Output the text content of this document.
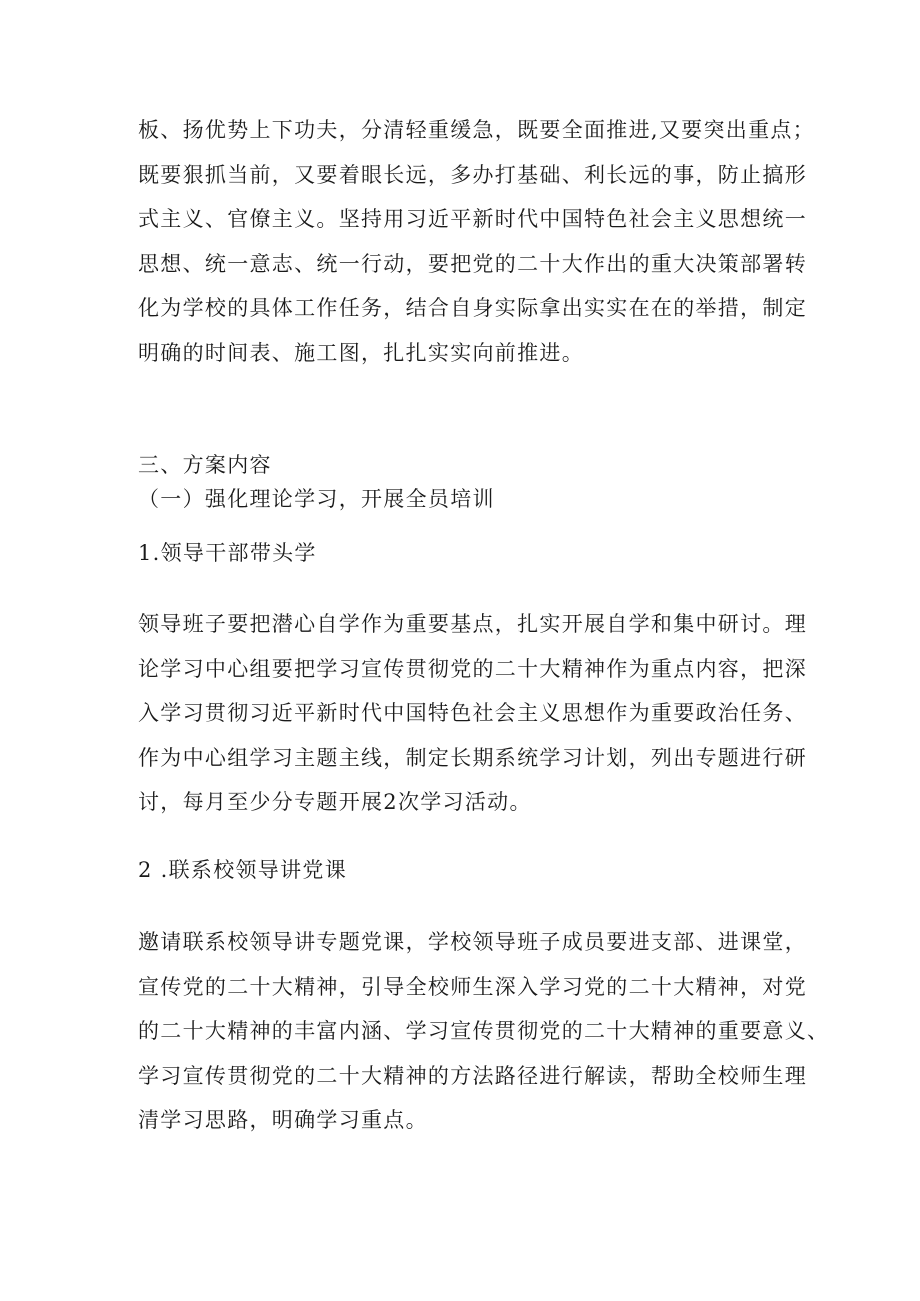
板、扬优势上下功夫，分清轻重缓急，既要全面推进,又要突出重点；
既要狠抓当前，又要着眼长远，多办打基础、利长远的事，防止搞形
式主义、官僚主义。坚持用习近平新时代中国特色社会主义思想统一
思想、统一意志、统一行动，要把党的二十大作出的重大决策部署转
化为学校的具体工作任务，结合自身实际拿出实实在在的举措，制定
明确的时间表、施工图，扎扎实实向前推进。
三、方案内容
（一）强化理论学习，开展全员培训
1.领导干部带头学
领导班子要把潜心自学作为重要基点，扎实开展自学和集中研讨。理
论学习中心组要把学习宣传贯彻党的二十大精神作为重点内容，把深
入学习贯彻习近平新时代中国特色社会主义思想作为重要政治任务、
作为中心组学习主题主线，制定长期系统学习计划，列出专题进行研
讨，每月至少分专题开展2次学习活动。
2 .联系校领导讲党课
邀请联系校领导讲专题党课，学校领导班子成员要进支部、进课堂，
宣传党的二十大精神，引导全校师生深入学习党的二十大精神，对党
的二十大精神的丰富内涵、学习宣传贯彻党的二十大精神的重要意义、
学习宣传贯彻党的二十大精神的方法路径进行解读，帮助全校师生理
清学习思路，明确学习重点。
